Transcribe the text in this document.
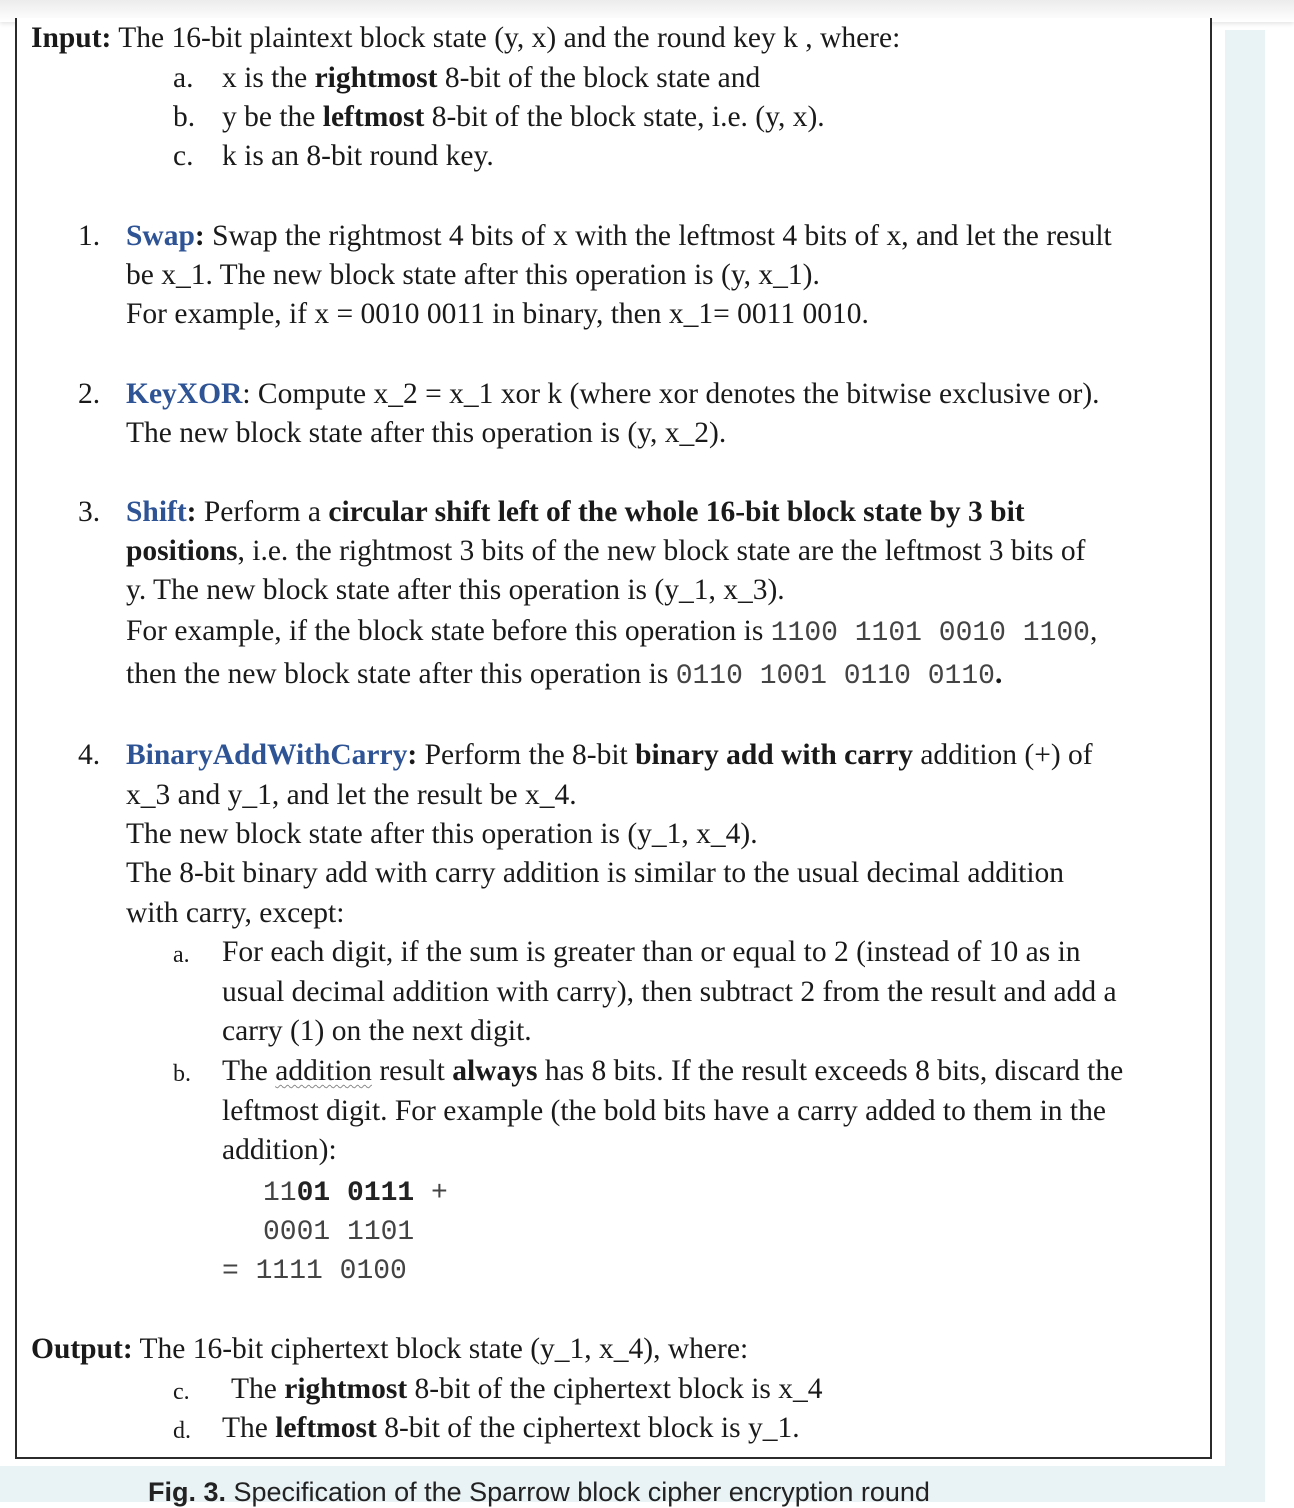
Input: The 16-bit plaintext block state (y, x) and the round key k , where:
a. x is the rightmost 8-bit of the block state and
b. y be the leftmost 8-bit of the block state, i.e. (y, x).
c. k is an 8-bit round key.
1. Swap: Swap the rightmost 4 bits of x with the leftmost 4 bits of x, and let the result
be x_1. The new block state after this operation is (y, x_1).
For example, if x = 0010 0011 in binary, then x_1= 0011 0010.
2. KeyXOR: Compute x_2 = x_1 xor k (where xor denotes the bitwise exclusive or).
The new block state after this operation is (y, x_2).
3. Shift: Perform a circular shift left of the whole 16-bit block state by 3 bit
positions, i.e. the rightmost 3 bits of the new block state are the leftmost 3 bits of
y. The new block state after this operation is (y_1, x_3).
For example, if the block state before this operation is 1100 1101 0010 1100,
then the new block state after this operation is 0110 1001 0110 0110.
4. BinaryAddWithCarry: Perform the 8-bit binary add with carry addition (+) of
x_3 and y_1, and let the result be x_4.
The new block state after this operation is (y_1, x_4).
The 8-bit binary add with carry addition is similar to the usual decimal addition
with carry, except:
a. For each digit, if the sum is greater than or equal to 2 (instead of 10 as in
usual decimal addition with carry), then subtract 2 from the result and add a
carry (1) on the next digit.
b. The addition result always has 8 bits. If the result exceeds 8 bits, discard the
leftmost digit. For example (the bold bits have a carry added to them in the
addition):
1101 0111 +
0001 1101
= 1111 0100
Output: The 16-bit ciphertext block state (y_1, x_4), where:
c. The rightmost 8-bit of the ciphertext block is x_4
d. The leftmost 8-bit of the ciphertext block is y_1.
Fig. 3. Specification of the Sparrow block cipher encryption round
